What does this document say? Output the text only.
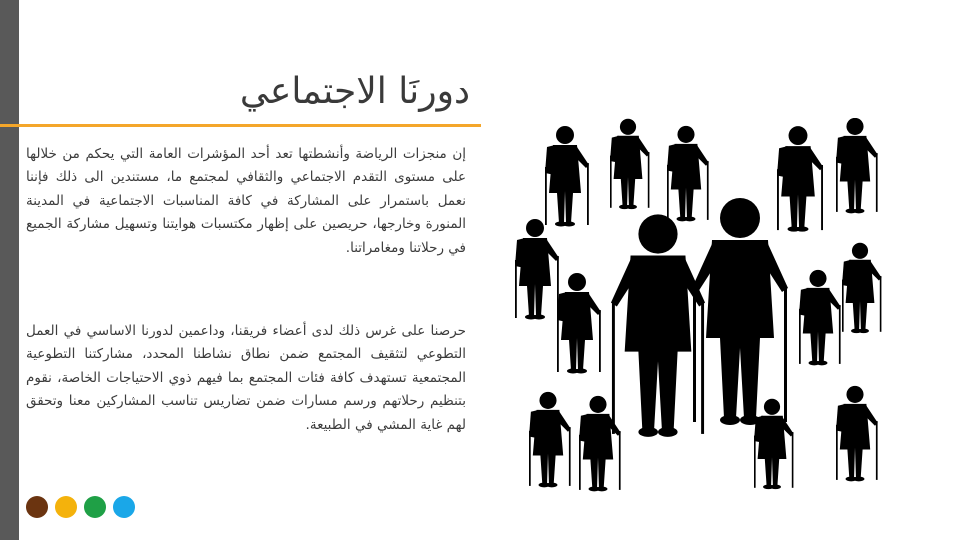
دورنَا الاجتماعي

إن منجزات الرياضة وأنشطتها تعد أحد المؤشرات العامة التي يحكم من خلالها على مستوى التقدم الاجتماعي والثقافي لمجتمع ما، مستندين الى ذلك فإننا نعمل باستمرار على المشاركة في كافة المناسبات الاجتماعية في المدينة المنورة وخارجها، حريصين على إظهار مكتسبات هوايتنا وتسهيل مشاركة الجميع في رحلاتنا ومغامراتنا.

حرصنا على غرس ذلك لدى أعضاء فريقنا، وداعمين لدورنا الاساسي في العمل التطوعي لتثقيف المجتمع ضمن نطاق نشاطنا المحدد، مشاركتنا التطوعية المجتمعية تستهدف كافة فئات المجتمع بما فيهم ذوي الاحتياجات الخاصة، نقوم بتنظيم رحلاتهم ورسم مسارات ضمن تضاريس تناسب المشاركين معنا وتحقق لهم غاية المشي في الطبيعة.
